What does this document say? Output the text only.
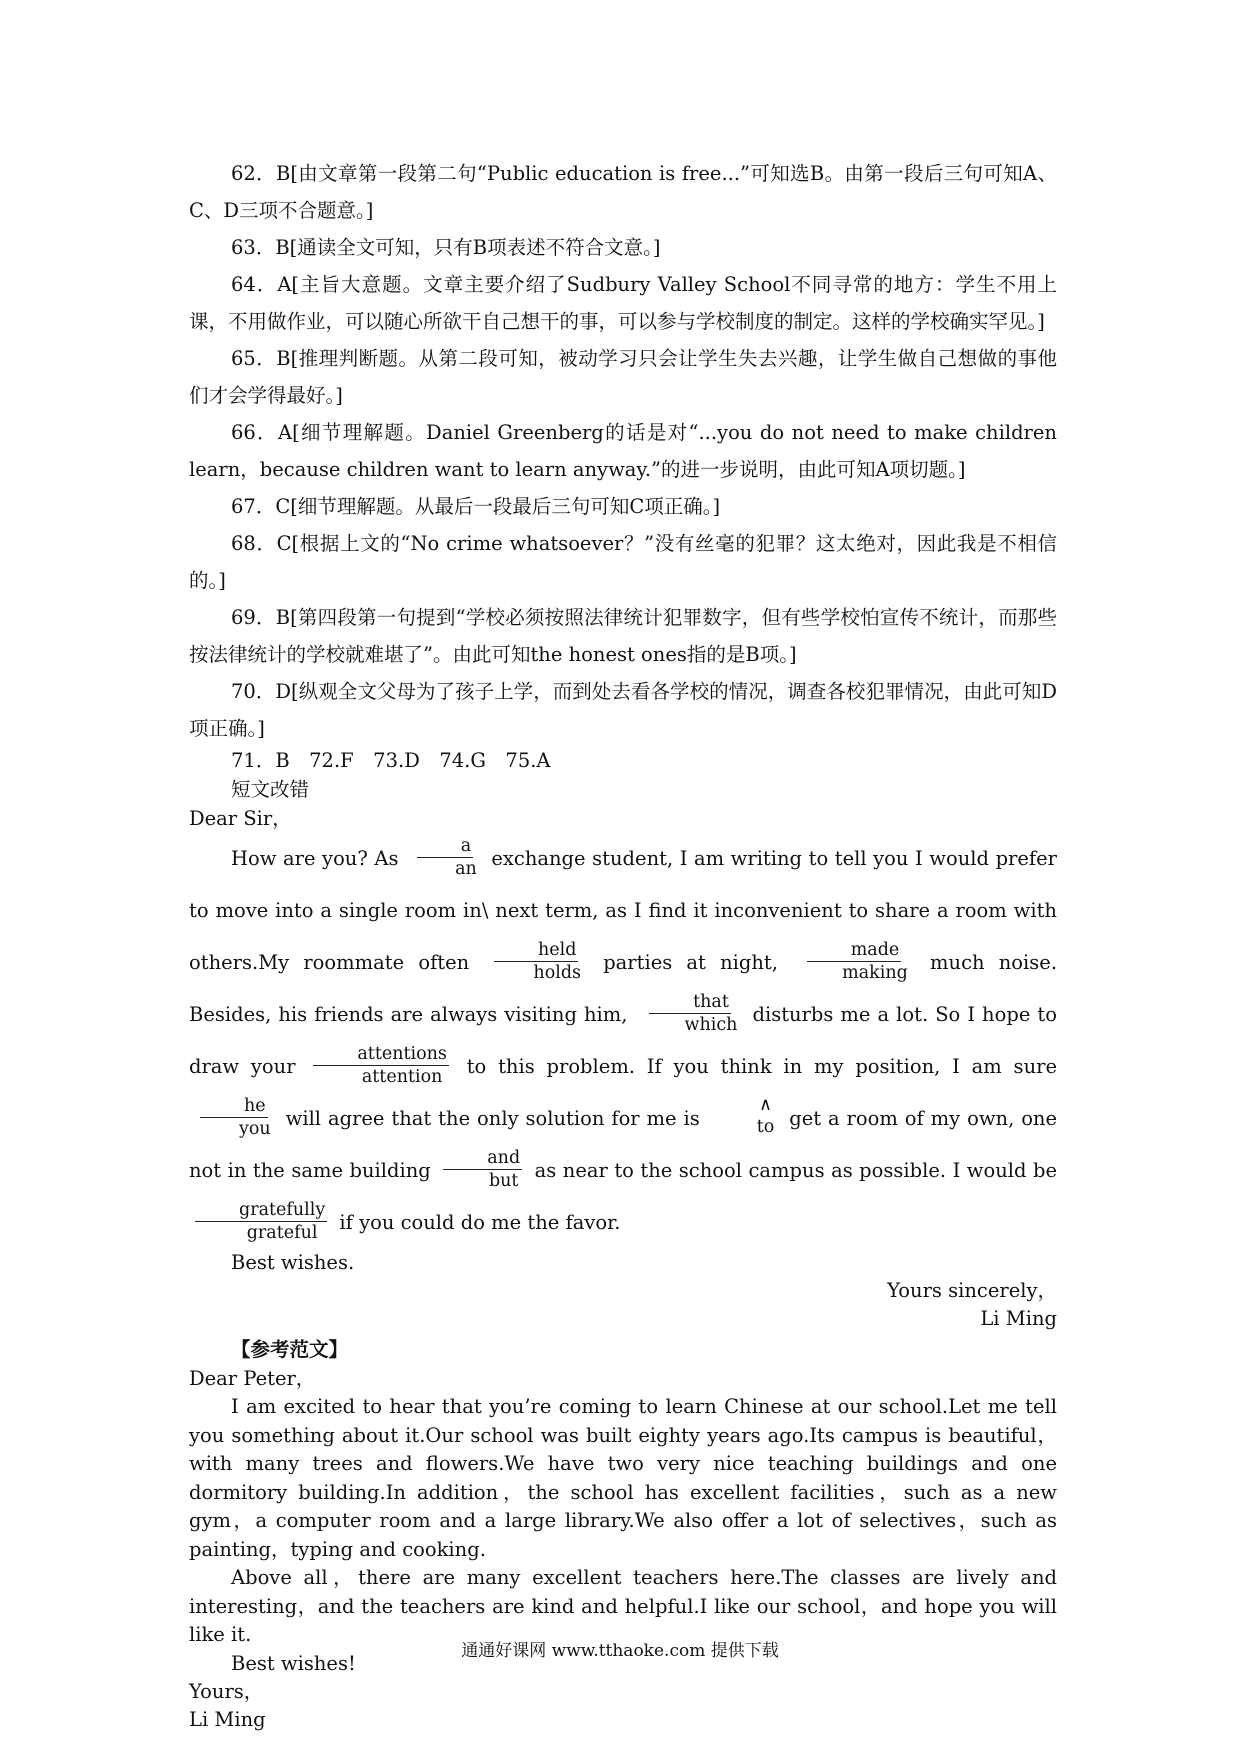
62．B[由文章第一段第二句“Public education is free...”可知选B。由第一段后三句可知A、C、D三项不合题意。]
63．B[通读全文可知，只有B项表述不符合文意。]
64．A[主旨大意题。文章主要介绍了Sudbury Valley School不同寻常的地方：学生不用上课，不用做作业，可以随心所欲干自己想干的事，可以参与学校制度的制定。这样的学校确实罕见。]
65．B[推理判断题。从第二段可知，被动学习只会让学生失去兴趣，让学生做自己想做的事他们才会学得最好。]
66．A[细节理解题。Daniel Greenberg的话是对“...you do not need to make children learn，because children want to learn anyway.”的进一步说明，由此可知A项切题。]
67．C[细节理解题。从最后一段最后三句可知C项正确。]
68．C[根据上文的“No crime whatsoever？”没有丝毫的犯罪？这太绝对，因此我是不相信的。]
69．B[第四段第一句提到“学校必须按照法律统计犯罪数字，但有些学校怕宣传不统计，而那些按法律统计的学校就难堪了”。由此可知the honest ones指的是B项。]
70．D[纵观全文父母为了孩子上学，而到处去看各学校的情况，调查各校犯罪情况，由此可知D项正确。]
71．B　72.F　73.D　74.G　75.A
短文改错
Dear Sir，
How are you? As $\frac{a}{an}$ exchange student, I am writing to tell you I would prefer to move into a single room in\ next term, as I find it inconvenient to share a room with others.My roommate often
held
holds parties at night,
made
making much noise. Besides, his friends are always visiting him,
that
which disturbs me a lot. So I hope to draw your
attentions
attention to this problem. If you think in my position, I am sure
he
you will agree that the only solution for me is
∧
to get a room of my own, one not in the same building
and
but as near to the school campus as possible. I would be
gratefully
grateful if you could do me the favor.
Best wishes.
Yours sincerely，
Li Ming
【参考范文】
Dear Peter，
I am excited to hear that you’re coming to learn Chinese at our school.Let me tell you something about it.Our school was built eighty years ago.Its campus is beautiful，with many trees and flowers.We have two very nice teaching buildings and one dormitory building.In addition，the school has excellent facilities，such as a new gym，a computer room and a large library.We also offer a lot of selectives，such as painting，typing and cooking.
Above all，there are many excellent teachers here.The classes are lively and interesting，and the teachers are kind and helpful.I like our school，and hope you will like it.
Best wishes!
Yours，
Li Ming
通通好课网 www.tthaoke.com 提供下载
